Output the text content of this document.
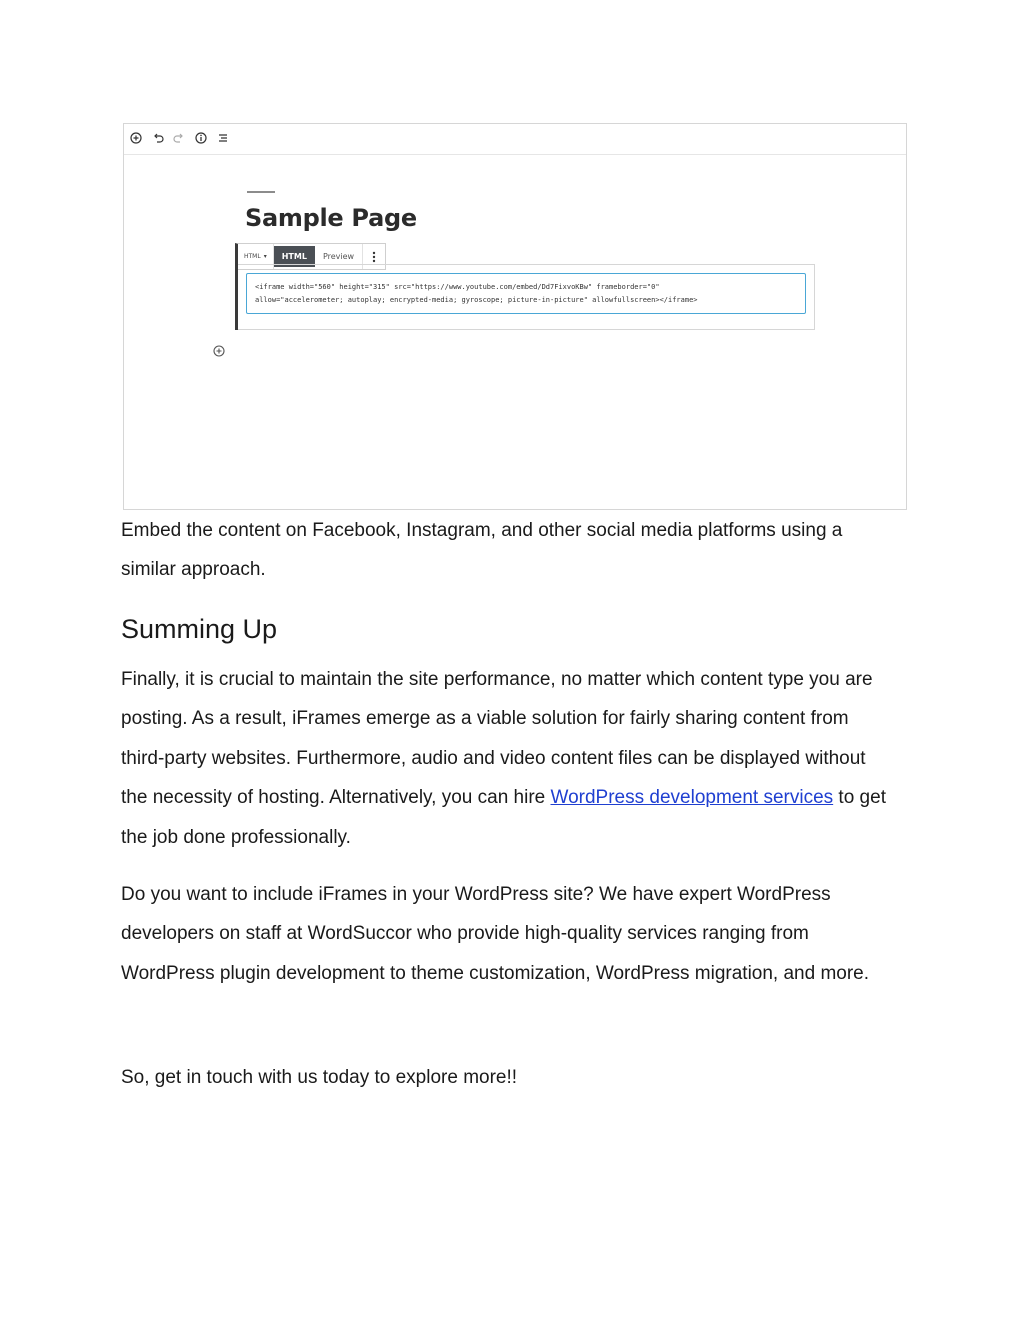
Sample Page
HTML ▾	HTML	Preview
<iframe width="560" height="315" src="https://www.youtube.com/embed/Dd7FixvoKBw" frameborder="0"
allow="accelerometer; autoplay; encrypted-media; gyroscope; picture-in-picture" allowfullscreen></iframe>

Embed the content on Facebook, Instagram, and other social media platforms using a similar approach.

Summing Up

Finally, it is crucial to maintain the site performance, no matter which content type you are posting. As a result, iFrames emerge as a viable solution for fairly sharing content from third-party websites. Furthermore, audio and video content files can be displayed without the necessity of hosting. Alternatively, you can hire WordPress development services to get the job done professionally.

Do you want to include iFrames in your WordPress site? We have expert WordPress developers on staff at WordSuccor who provide high-quality services ranging from WordPress plugin development to theme customization, WordPress migration, and more.

So, get in touch with us today to explore more!!
